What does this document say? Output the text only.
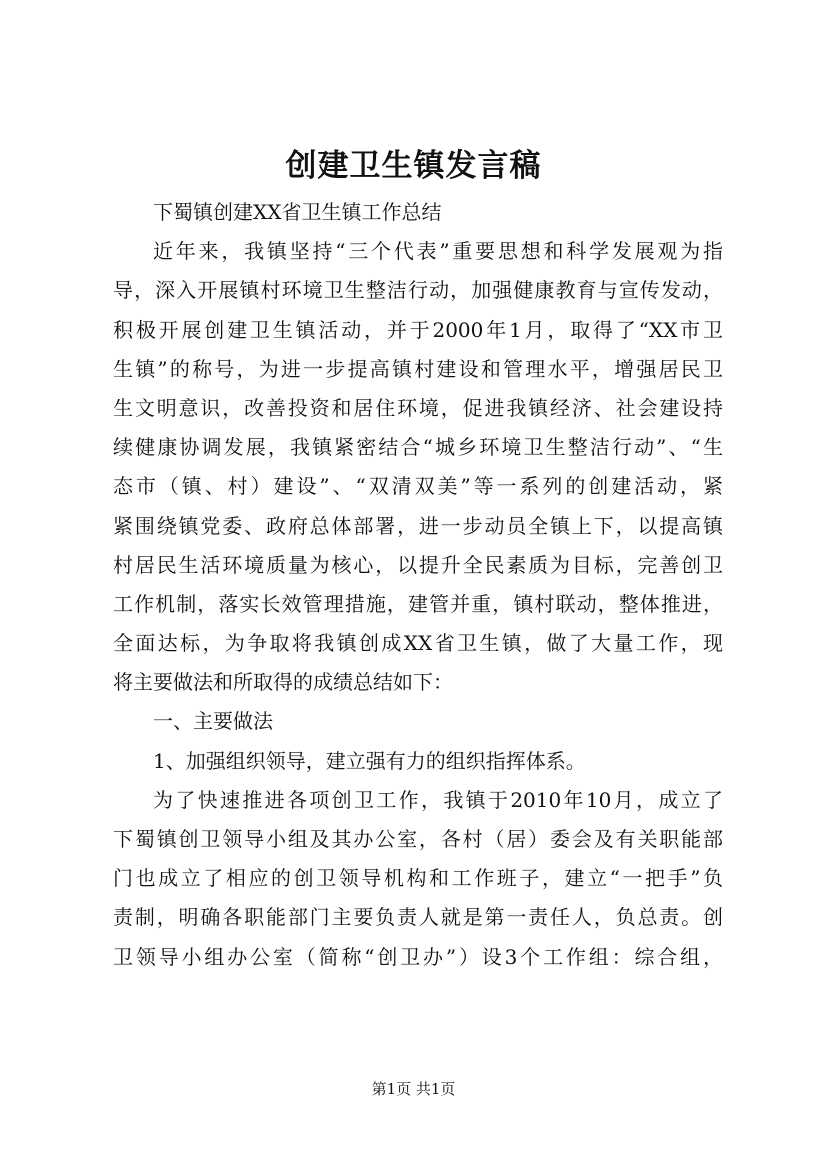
创建卫生镇发言稿
下蜀镇创建XX省卫生镇工作总结
近年来，我镇坚持“三个代表”重要思想和科学发展观为指
导，深入开展镇村环境卫生整洁行动，加强健康教育与宣传发动，
积极开展创建卫生镇活动，并于2000年1月，取得了“XX市卫
生镇”的称号，为进一步提高镇村建设和管理水平，增强居民卫
生文明意识，改善投资和居住环境，促进我镇经济、社会建设持
续健康协调发展，我镇紧密结合“城乡环境卫生整洁行动”、“生
态市（镇、村）建设”、“双清双美”等一系列的创建活动，紧
紧围绕镇党委、政府总体部署，进一步动员全镇上下，以提高镇
村居民生活环境质量为核心，以提升全民素质为目标，完善创卫
工作机制，落实长效管理措施，建管并重，镇村联动，整体推进，
全面达标，为争取将我镇创成XX省卫生镇，做了大量工作，现
将主要做法和所取得的成绩总结如下：
一、主要做法
1、加强组织领导，建立强有力的组织指挥体系。
为了快速推进各项创卫工作，我镇于2010年10月，成立了
下蜀镇创卫领导小组及其办公室，各村（居）委会及有关职能部
门也成立了相应的创卫领导机构和工作班子，建立“一把手”负
责制，明确各职能部门主要负责人就是第一责任人，负总责。创
卫领导小组办公室（简称“创卫办”）设3个工作组：综合组，
第1页 共1页
